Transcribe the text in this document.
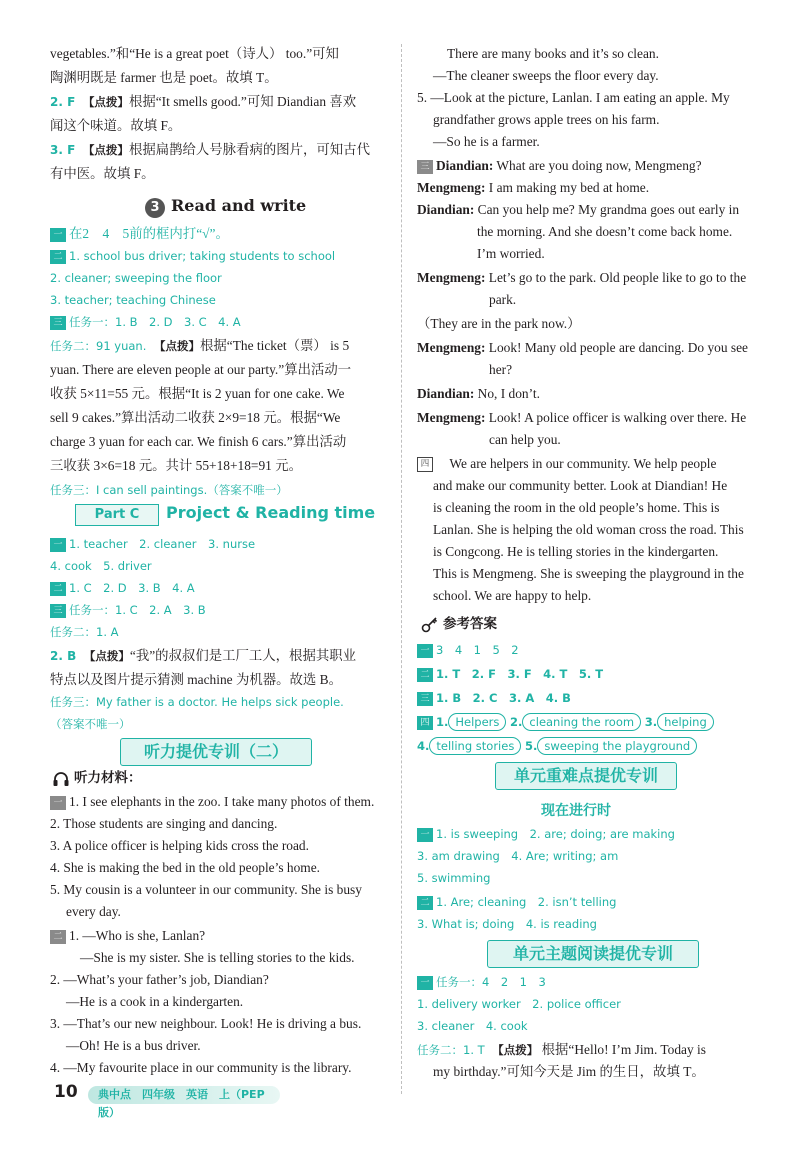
vegetables.”和“He is a great poet（诗人） too.”可知
陶渊明既是 farmer 也是 poet。故填 T。
2. F　 【点拨】根据“It smells good.”可知 Diandian 喜欢
闻这个味道。故填 F。
3. F　 【点拨】根据扁鹊给人号脉看病的图片，可知古代
有中医。故填 F。
3 Read and write
一 在2　4　5前的框内打“√”。
二 1. school bus driver; taking students to school
2. cleaner; sweeping the floor
3. teacher; teaching Chinese
三 任务一：1. B　2. D　3. C　4. A
任务二：91 yuan.　 【点拨】根据“The ticket（票） is 5
yuan. There are eleven people at our party.”算出活动一
收获 5×11=55 元。根据“It is 2 yuan for one cake. We
sell 9 cakes.”算出活动二收获 2×9=18 元。根据“We
charge 3 yuan for each car. We finish 6 cars.”算出活动
三收获 3×6=18 元。共计 55+18+18=91 元。
任务三：I can sell paintings.（答案不唯一）
Part C	Project & Reading time
一 1. teacher　2. cleaner　3. nurse
4. cook　5. driver
二 1. C　2. D　3. B　4. A
三 任务一：1. C　2. A　3. B
任务二：1. A
2. B　 【点拨】“我”的叔叔们是工厂工人，根据其职业
特点以及图片提示猜测 machine 为机器。故选 B。
任务三：My father is a doctor. He helps sick people.
（答案不唯一）
听力提优专训（二）
听力材料：
一 1. I see elephants in the zoo. I take many photos of them.
2. Those students are singing and dancing.
3. A police officer is helping kids cross the road.
4. She is making the bed in the old people’s home.
5. My cousin is a volunteer in our community. She is busy
every day.
二 1. —Who is she, Lanlan?
—She is my sister. She is telling stories to the kids.
2. —What’s your father’s job, Diandian?
—He is a cook in a kindergarten.
3. —That’s our new neighbour. Look! He is driving a bus.
—Oh! He is a bus driver.
4. —My favourite place in our community is the library.
There are many books and it’s so clean.
—The cleaner sweeps the floor every day.
5. —Look at the picture, Lanlan. I am eating an apple. My
grandfather grows apple trees on his farm.
—So he is a farmer.
三 Diandian: What are you doing now, Mengmeng?
Mengmeng: I am making my bed at home.
Diandian: Can you help me? My grandma goes out early in
the morning. And she doesn’t come back home.
I’m worried.
Mengmeng: Let’s go to the park. Old people like to go to the
park.
（They are in the park now.）
Mengmeng: Look! Many old people are dancing. Do you see
her?
Diandian: No, I don’t.
Mengmeng: Look! A police officer is walking over there. He
can help you.
四　 We are helpers in our community. We help people
and make our community better. Look at Diandian! He
is cleaning the room in the old people’s home. This is
Lanlan. She is helping the old woman cross the road. This
is Congcong. He is telling stories in the kindergarten.
This is Mengmeng. She is sweeping the playground in the
school. We are happy to help.
参考答案
一 3　4　1　5　2
二 1. T　2. F　3. F　4. T　5. T
三 1. B　2. C　3. A　4. B
四 1. Helpers 2. cleaning the room 3. helping
4. telling stories 5. sweeping the playground
单元重难点提优专训
现在进行时
一 1. is sweeping　2. are; doing; are making
3. am drawing　4. Are; writing; am
5. swimming
二 1. Are; cleaning　2. isn’t telling
3. What is; doing　4. is reading
单元主题阅读提优专训
一 任务一：4　2　1　3
1. delivery worker　2. police officer
3. cleaner　4. cook
任务二：1. T　 【点拨】 根据“Hello! I’m Jim. Today is
my birthday.”可知今天是 Jim 的生日，故填 T。
10	典中点　四年级　英语　上（PEP 版）
